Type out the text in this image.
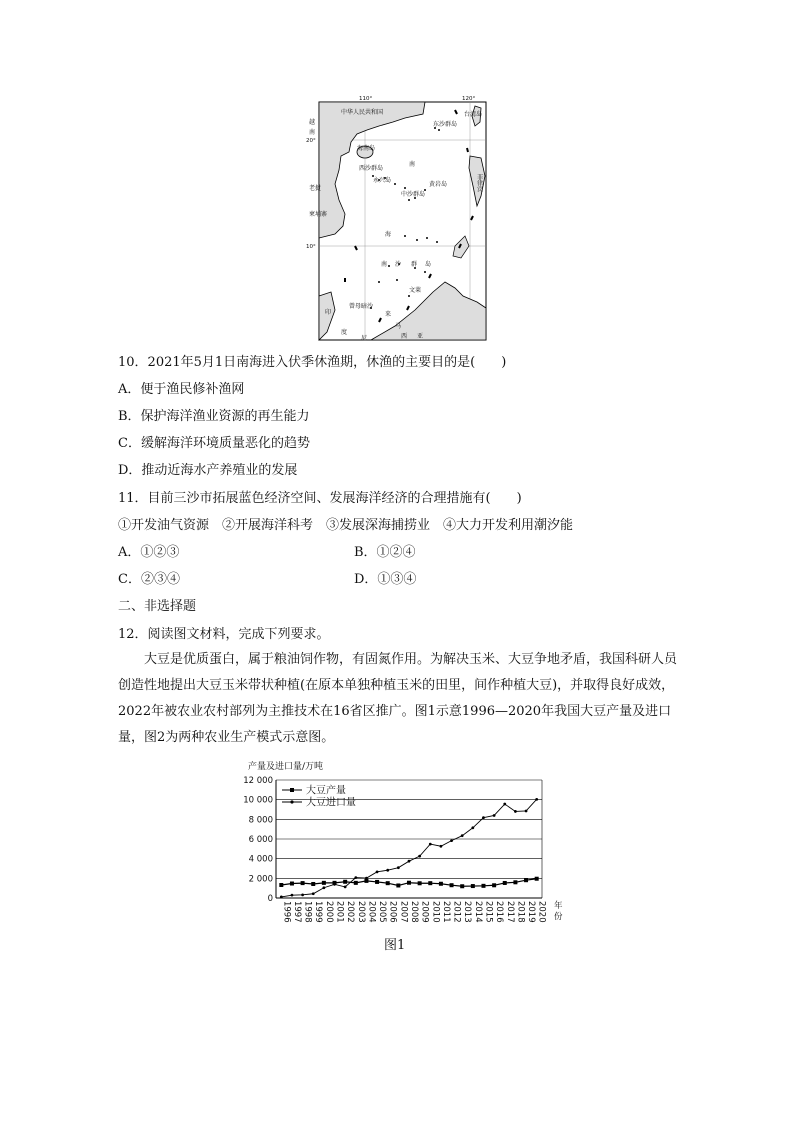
110°	120°
20°
10°
中华人民共和国	台湾岛
东沙群岛
海南岛
西沙群岛
永兴岛
黄岩岛
中沙群岛
南
海
南 沙 群 岛
菲律宾
越
南
老挝
柬埔寨
文莱
曾母暗沙
马
来
西 亚
印
度
尼
10．2021年5月1日南海进入伏季休渔期，休渔的主要目的是(　　)
A．便于渔民修补渔网
B．保护海洋渔业资源的再生能力
C．缓解海洋环境质量恶化的趋势
D．推动近海水产养殖业的发展
11．目前三沙市拓展蓝色经济空间、发展海洋经济的合理措施有(　　)
①开发油气资源　②开展海洋科考　③发展深海捕捞业　④大力开发利用潮汐能
A．①②③	B．①②④
C．②③④	D．①③④
二、非选择题
12．阅读图文材料，完成下列要求。

大豆是优质蛋白，属于粮油饲作物，有固氮作用。为解决玉米、大豆争地矛盾，我国科研人员创造性地提出大豆玉米带状种植(在原本单独种植玉米的田里，间作种植大豆)，并取得良好成效，2022年被农业农村部列为主推技术在16省区推广。图1示意1996—2020年我国大豆产量及进口量，图2为两种农业生产模式示意图。

产量及进口量/万吨
0
2 000
4 000
6 000
8 000
10 000
12 000
1996 1997 1998 1999 2000 2001 2002 2003 2004 2005 2006 2007 2008 2009 2010 2011 2012 2013 2014 2015 2016 2017 2018 2019 2020
大豆产量
大豆进口量
年
份
图1
